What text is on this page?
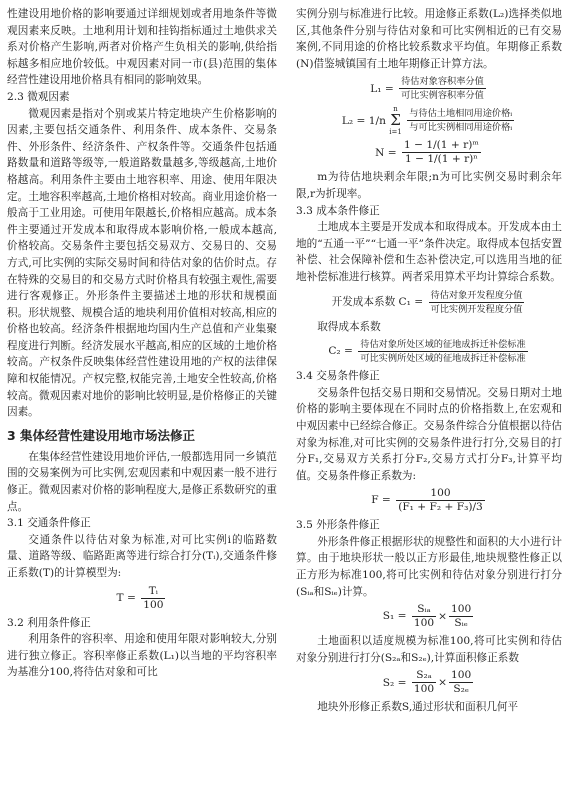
性建设用地价格的影响要通过详细规划或者用地条件等微观因素来反映。土地利用计划和挂钩指标通过土地供求关系对价格产生影响,两者对价格产生负相关的影响,供给指标越多相应地价较低。中观因素对同一市(县)范围的集体经营性建设用地价格具有相同的影响效果。

2.3 微观因素

微观因素是指对个别或某片特定地块产生价格影响的因素,主要包括交通条件、利用条件、成本条件、交易条件、外形条件、经济条件、产权条件等。交通条件包括通路数量和道路等级等,一般道路数量越多,等级越高,土地价格越高。利用条件主要由土地容积率、用途、使用年限决定。土地容积率越高,土地价格相对较高。商业用途价格一般高于工业用途。可使用年限越长,价格相应越高。成本条件主要通过开发成本和取得成本影响价格,一般成本越高,价格较高。交易条件主要包括交易双方、交易日的、交易方式,可比实例的实际交易时间和待估对象的估价时点。存在特殊的交易目的和交易方式时价格具有较强主观性,需要进行客观修正。外形条件主要描述土地的形状和规模面积。形状规整、规模合适的地块利用价值相对较高,相应的价格也较高。经济条件根据地均国内生产总值和产业集聚程度进行判断。经济发展水平越高,相应的区域的土地价格较高。产权条件反映集体经营性建设用地的产权的法律保障和权能情况。产权完整,权能完善,土地安全性较高,价格较高。微观因素对地价的影响比较明显,是价格修正的关键因素。

3 集体经营性建设用地市场法修正

在集体经营性建设用地价评估,一般都选用同一乡镇范围的交易案例为可比实例,宏观因素和中观因素一般不进行修正。微观因素对价格的影响程度大,是修正系数研究的重点。

3.1 交通条件修正

交通条件以待估对象为标准,对可比实例i的临路数量、道路等级、临路距离等进行综合打分(Tᵢ),交通条件修正系数(T)的计算模型为:

$T = \frac{\text{Tᵢ}}{100}$
3.2 利用条件修正

利用条件的容积率、用途和使用年限对影响较大,分别进行独立修正。容积率修正系数(L₁)以当地的平均容积率为基准分100,将待估对象和可比

实例分别与标准进行比较。用途修正系数(L₂)选择类似地区,其他条件分别与待估对象和可比实例相近的已有交易案例,不同用途的价格比较系数求平均值。年期修正系数(N)借鉴城镇国有土地年期修正计算方法。

$L_1 = \frac{\text{待估对象容积率分值}}{\text{可比实例容积率分值}}$
L₂ = 1/n
n
Σ
i=1
$\frac{\text{与待估土地相同用途价格ᵢ}}{\text{与可比实例相同用途价格ᵢ}}$
$N = \frac{\text{1 − 1/(1 + r)ᵐ}}{\text{1 − 1/(1 + r)ⁿ}}$

m为待估地块剩余年限;n为可比实例交易时剩余年限,r为折现率。

3.3 成本条件修正

土地成本主要是开发成本和取得成本。开发成本由土地的“五通一平”“七通一平”条件决定。取得成本包括安置补偿、社会保障补偿和生态补偿决定,可以选用当地的征地补偿标准进行核算。两者采用算术平均计算综合系数。

开发成本系数 $C_1 = \frac{\text{待估对象开发程度分值}}{\text{可比实例开发程度分值}}$

取得成本系数

$C_2 = \frac{\text{待估对象所处区域的征地成拆迁补偿标准}}{\text{可比实例所处区域的征地成拆迁补偿标准}}$
3.4 交易条件修正

交易条件包括交易日期和交易情况。交易日期对土地价格的影响主要体现在不同时点的价格指数上,在宏观和中观因素中已经综合修正。交易条件综合分值根据以待估对象为标准,对可比实例的交易条件进行打分,交易目的打分F₁,交易双方关系打分F₂,交易方式打分F₃,计算平均值。交易条件修正系数为:

$F = \frac{100}{\text{(F₁ + F₂ + F₃)/3}}$
3.5 外形条件修正

外形条件修正根据形状的规整性和面积的大小进行计算。由于地块形状一般以正方形最佳,地块规整性修正以正方形为标准100,将可比实例和待估对象分别进行打分(Sᵢₐ和Sᵢₑ)计算。

$S_1 = \frac{\text{Sᵢₐ}}{100} \times \frac{100}{\text{Sᵢₑ}}$

土地面积以适度规模为标准100,将可比实例和待估对象分别进行打分(S₂ₐ和S₂ₑ),计算面积修正系数

$S_2 = \frac{\text{S₂ₐ}}{100} \times \frac{100}{\text{S₂ₑ}}$

地块外形修正系数S,通过形状和面积几何平
